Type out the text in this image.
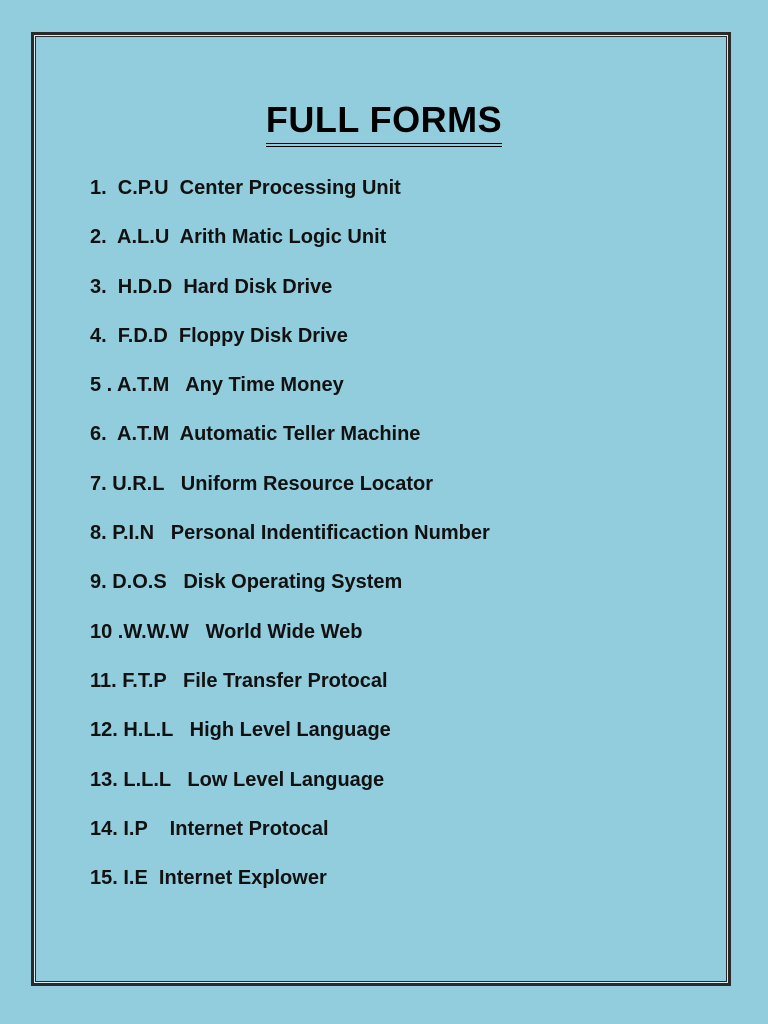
FULL FORMS
1.  C.P.U  Center Processing Unit
2.  A.L.U  Arith Matic Logic Unit
3.  H.D.D  Hard Disk Drive
4.  F.D.D  Floppy Disk Drive
5 . A.T.M   Any Time Money
6.  A.T.M  Automatic Teller Machine
7. U.R.L   Uniform Resource Locator
8. P.I.N   Personal Indentificaction Number
9. D.O.S   Disk Operating System
10 .W.W.W   World Wide Web
11. F.T.P   File Transfer Protocal
12. H.L.L   High Level Language
13. L.L.L   Low Level Language
14. I.P    Internet Protocal
15. I.E  Internet Explower
